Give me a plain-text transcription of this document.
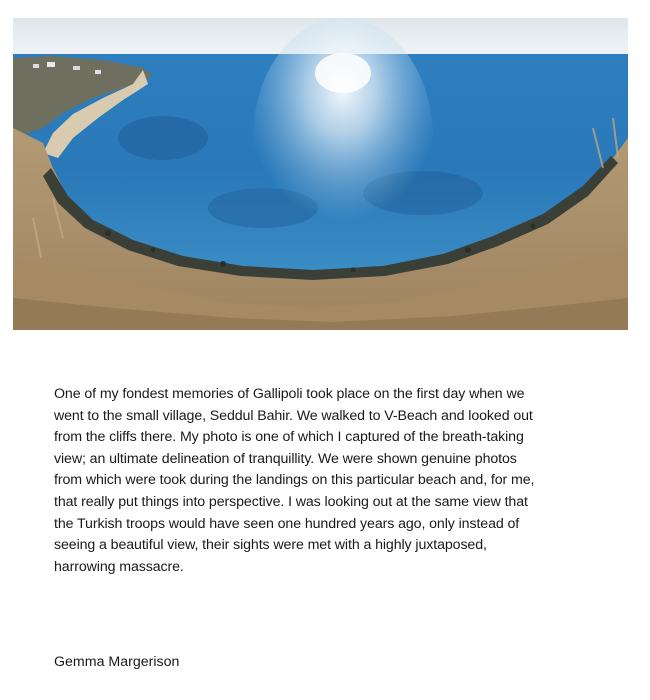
One of my fondest memories of Gallipoli took place on the first day when we
went to the small village, Seddul Bahir. We walked to V-Beach and looked out
from the cliffs there. My photo is one of which I captured of the breath-taking
view; an ultimate delineation of tranquillity. We were shown genuine photos
from which were took during the landings on this particular beach and, for me,
that really put things into perspective. I was looking out at the same view that
the Turkish troops would have seen one hundred years ago, only instead of
seeing a beautiful view, their sights were met with a highly juxtaposed,
harrowing massacre.

Gemma Margerison
